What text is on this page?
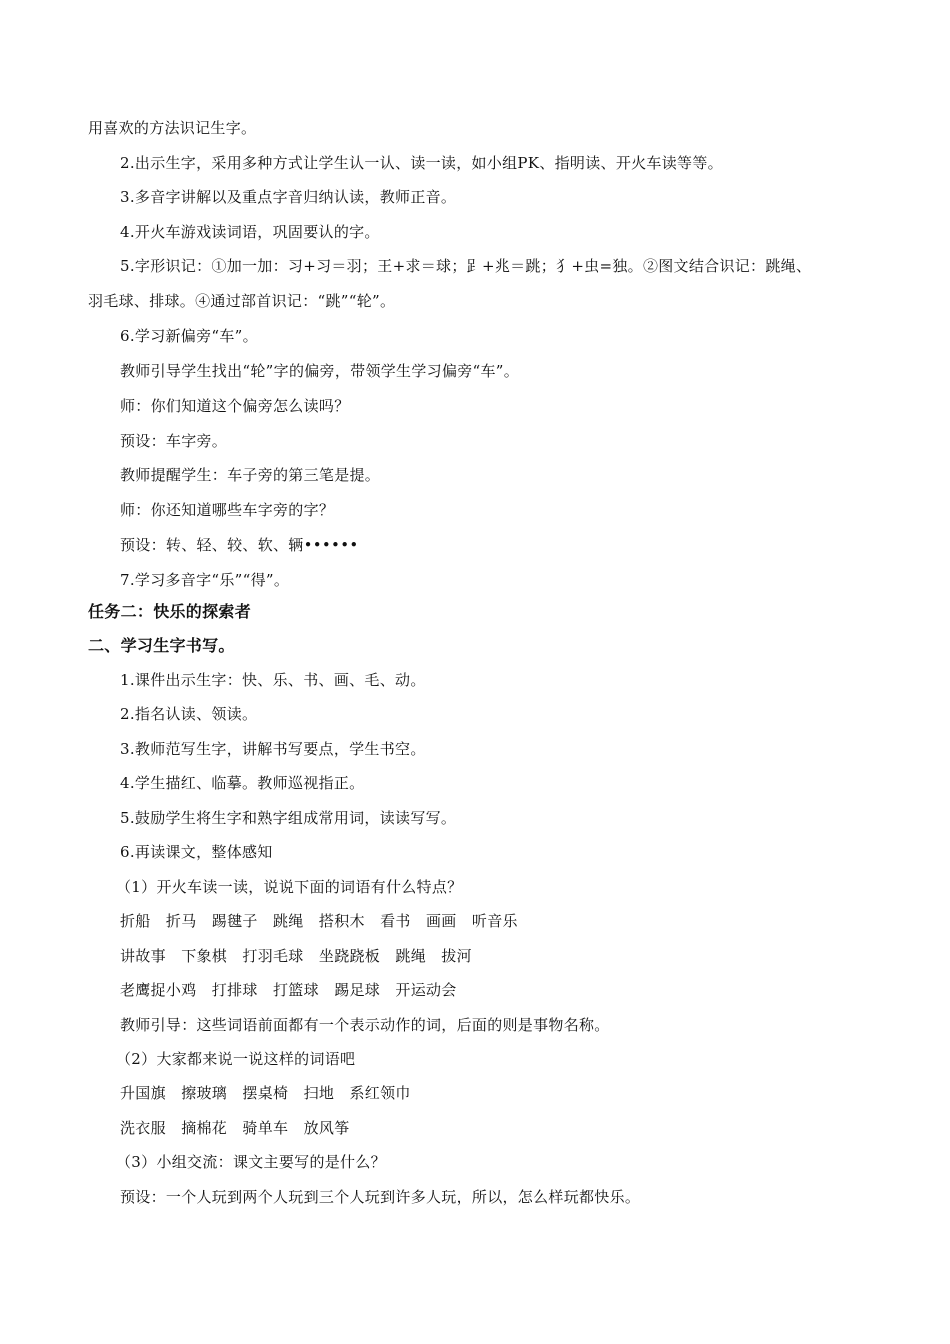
用喜欢的方法识记生字。
2.出示生字，采用多种方式让学生认一认、读一读，如小组PK、指明读、开火车读等等。
3.多音字讲解以及重点字音归纳认读，教师正音。
4.开火车游戏读词语，巩固要认的字。
5.字形识记：①加一加：习+习＝羽；王+求＝球；𧾷+兆＝跳；犭+虫=独。②图文结合识记：跳绳、
羽毛球、排球。④通过部首识记：“跳”“轮”。
6.学习新偏旁“车”。
教师引导学生找出“轮”字的偏旁，带领学生学习偏旁“车”。
师：你们知道这个偏旁怎么读吗？
预设：车字旁。
教师提醒学生：车子旁的第三笔是提。
师：你还知道哪些车字旁的字？
预设：转、轻、较、软、辆••••••
7.学习多音字“乐”“得”。
任务二：快乐的探索者
二、学习生字书写。
1.课件出示生字：快、乐、书、画、毛、动。
2.指名认读、领读。
3.教师范写生字，讲解书写要点，学生书空。
4.学生描红、临摹。教师巡视指正。
5.鼓励学生将生字和熟字组成常用词，读读写写。
6.再读课文，整体感知
（1）开火车读一读，说说下面的词语有什么特点？
折船　折马　踢毽子　跳绳　搭积木　看书　画画　听音乐
讲故事　下象棋　打羽毛球　坐跷跷板　跳绳　拔河
老鹰捉小鸡　打排球　打篮球　踢足球　开运动会
教师引导：这些词语前面都有一个表示动作的词，后面的则是事物名称。
（2）大家都来说一说这样的词语吧
升国旗　擦玻璃　摆桌椅　扫地　系红领巾
洗衣服　摘棉花　骑单车　放风筝
（3）小组交流：课文主要写的是什么？
预设：一个人玩到两个人玩到三个人玩到许多人玩，所以，怎么样玩都快乐。
